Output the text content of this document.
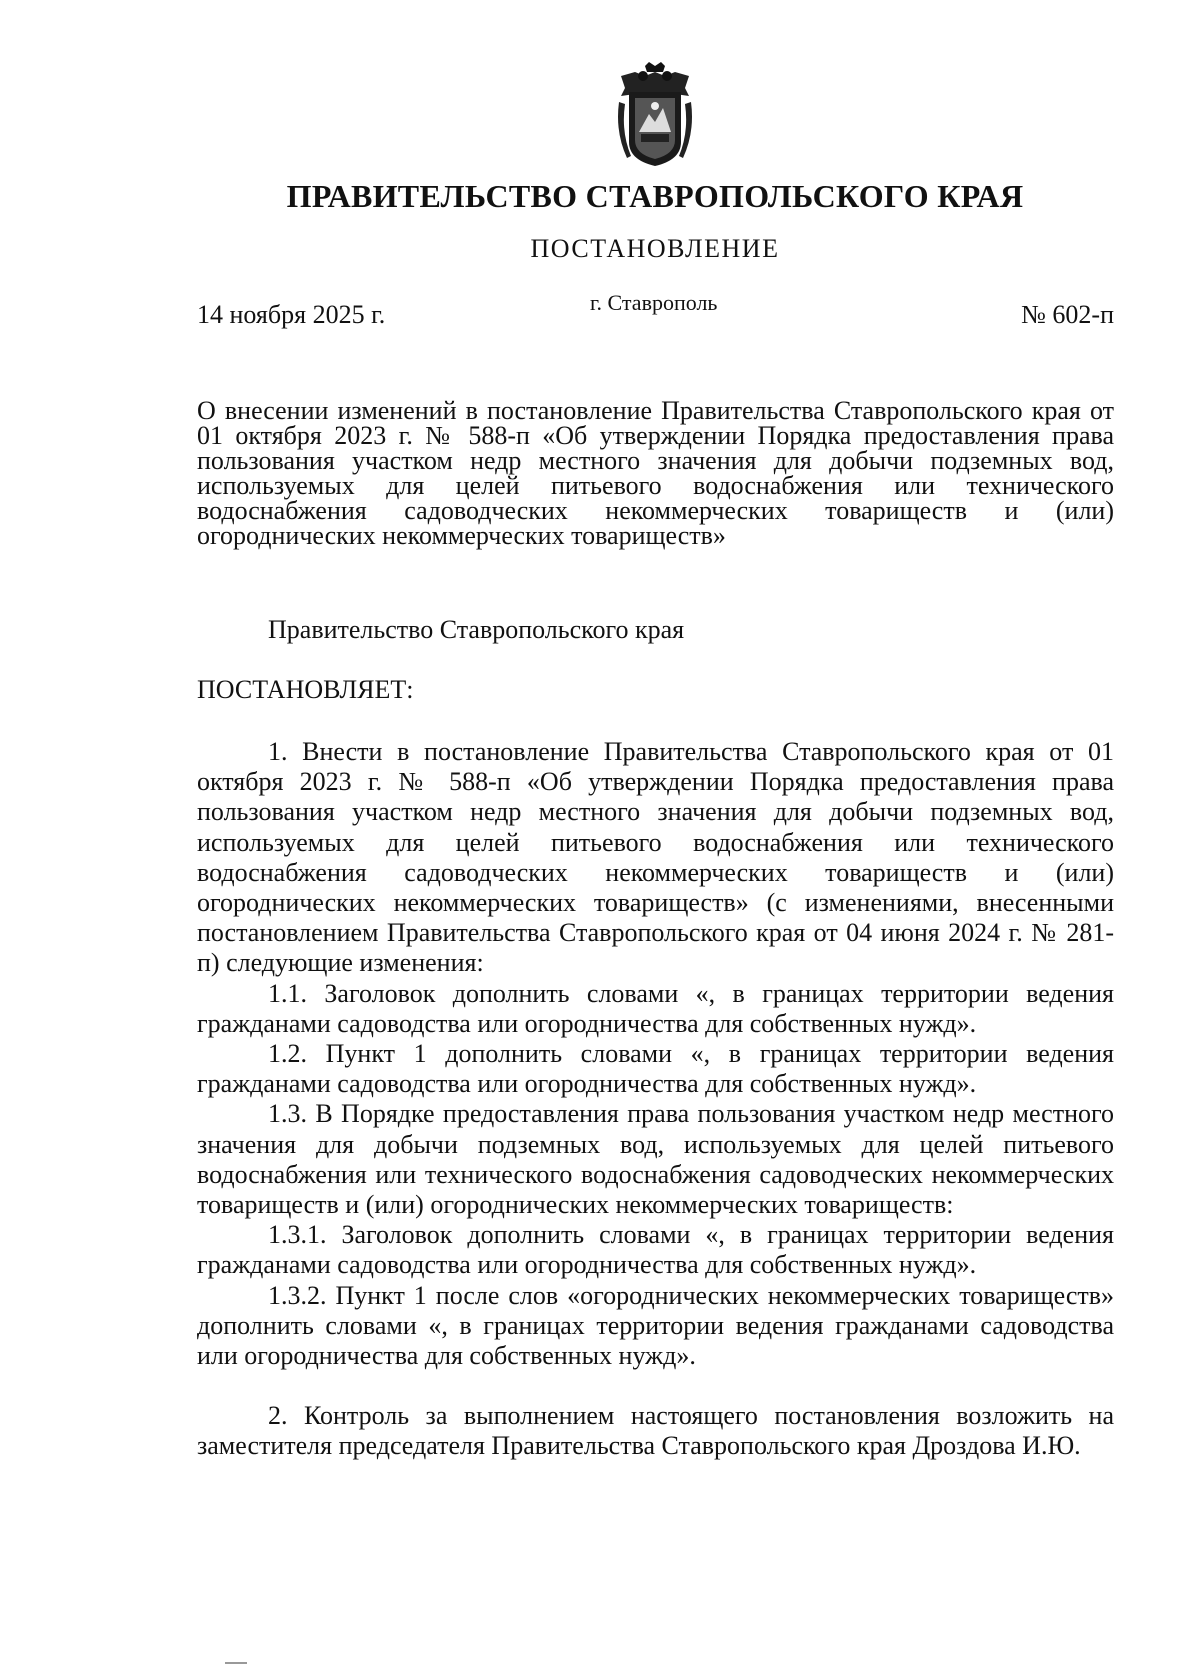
ПРАВИТЕЛЬСТВО СТАВРОПОЛЬСКОГО КРАЯ
ПОСТАНОВЛЕНИЕ
14 ноября 2025 г.	г. Ставрополь	№ 602-п
О внесении изменений в постановление Правительства Ставропольского края от 01 октября 2023 г. № 588-п «Об утверждении Порядка предоставления права пользования участком недр местного значения для добычи подземных вод, используемых для целей питьевого водоснабжения или технического водоснабжения садоводческих некоммерческих товариществ и (или) огороднических некоммерческих товариществ»
Правительство Ставропольского края
ПОСТАНОВЛЯЕТ:

1. Внести в постановление Правительства Ставропольского края от 01 октября 2023 г. № 588-п «Об утверждении Порядка предоставления права пользования участком недр местного значения для добычи подземных вод, используемых для целей питьевого водоснабжения или технического водоснабжения садоводческих некоммерческих товариществ и (или) огороднических некоммерческих товариществ» (с изменениями, внесенными постановлением Правительства Ставропольского края от 04 июня 2024 г. № 281-п) следующие изменения:

1.1. Заголовок дополнить словами «, в границах территории ведения гражданами садоводства или огородничества для собственных нужд».

1.2. Пункт 1 дополнить словами «, в границах территории ведения гражданами садоводства или огородничества для собственных нужд».

1.3. В Порядке предоставления права пользования участком недр местного значения для добычи подземных вод, используемых для целей питьевого водоснабжения или технического водоснабжения садоводческих некоммерческих товариществ и (или) огороднических некоммерческих товариществ:

1.3.1. Заголовок дополнить словами «, в границах территории ведения гражданами садоводства или огородничества для собственных нужд».

1.3.2. Пункт 1 после слов «огороднических некоммерческих товариществ» дополнить словами «, в границах территории ведения гражданами садоводства или огородничества для собственных нужд».

2. Контроль за выполнением настоящего постановления возложить на заместителя председателя Правительства Ставропольского края Дроздова И.Ю.
